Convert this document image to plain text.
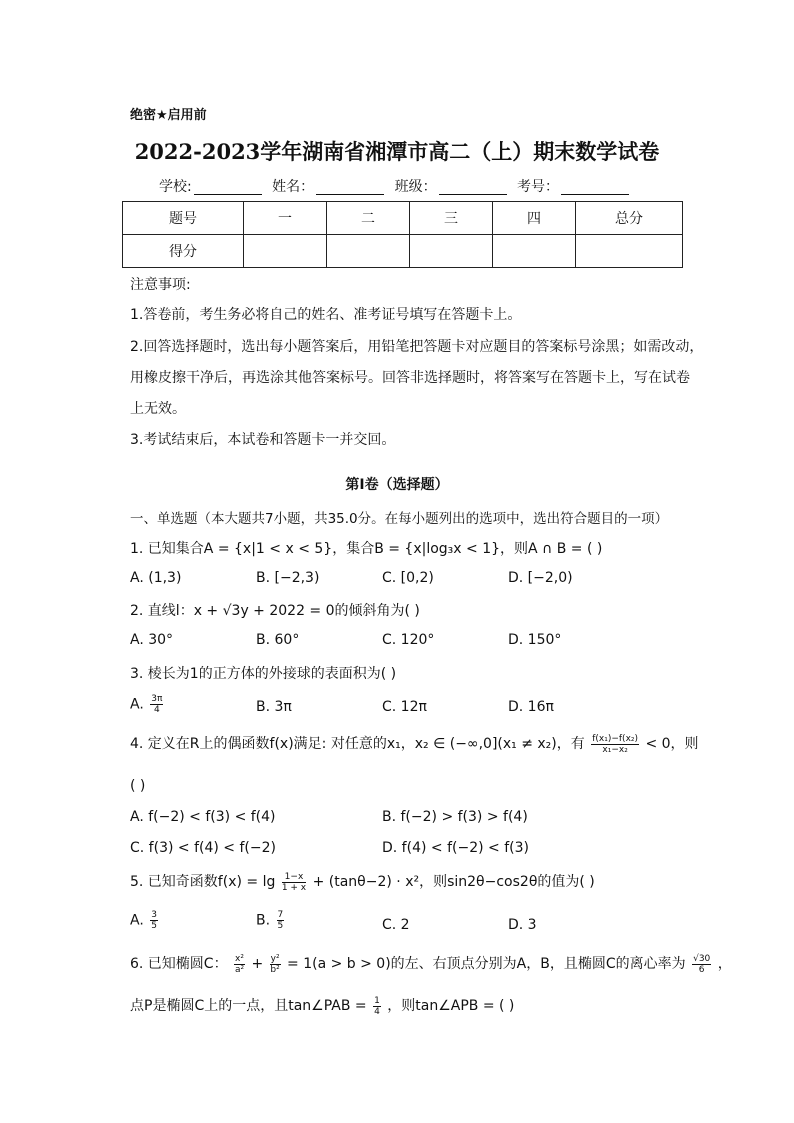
绝密★启用前
2022-2023学年湖南省湘潭市高二（上）期末数学试卷
学校:	姓名：	班级：	考号：
题号	一	二	三	四	总分
得分					
注意事项:
1.答卷前，考生务必将自己的姓名、准考证号填写在答题卡上。
2.回答选择题时，选出每小题答案后，用铅笔把答题卡对应题目的答案标号涂黑；如需改动，
用橡皮擦干净后，再选涂其他答案标号。回答非选择题时，将答案写在答题卡上，写在试卷
上无效。
3.考试结束后，本试卷和答题卡一并交回。
第I卷（选择题）
一、单选题（本大题共7小题，共35.0分。在每小题列出的选项中，选出符合题目的一项）
1. 已知集合A = {x|1 < x < 5}，集合B = {x|log₃x < 1}，则A ∩ B = ( )
A. (1,3)	B. [−2,3)	C. [0,2)	D. [−2,0)
2. 直线l：x + √3y + 2022 = 0的倾斜角为( )
A. 30°	B. 60°	C. 120°	D. 150°
3. 棱长为1的正方体的外接球的表面积为( )
A. $\frac{3\pi}{4}$	B. 3π	C. 12π	D. 16π
4. 定义在R上的偶函数f(x)满足: 对任意的x₁，x₂ ∈ (−∞,0](x₁ ≠ x₂)，有 $\frac{\text{f(x₁)−f(x₂)}}{\text{x₁−x₂}} < 0$，则
( )
A. f(−2) < f(3) < f(4)	B. f(−2) > f(3) > f(4)
C. f(3) < f(4) < f(−2)	D. f(4) < f(−2) < f(3)
5. 已知奇函数$f(x) = \lg \frac{1-x}{1 + x} + (\tan\theta-2) \cdot x^2$，则sin2θ−cos2θ的值为( )
A. $\frac{3}{5}$	B. $\frac{7}{5}$	C. 2	D. 3
6. 已知椭圆C： $\frac{\text{x²}}{\text{a²}} + \frac{\text{y²}}{\text{b²}} = 1(a > b > 0)$的左、右顶点分别为A，B，且椭圆C的离心率为 $\frac{√30}{6}$ ，
点P是椭圆C上的一点，且tan∠PAB = $\frac{1}{4}$ ，则tan∠APB = ( )
